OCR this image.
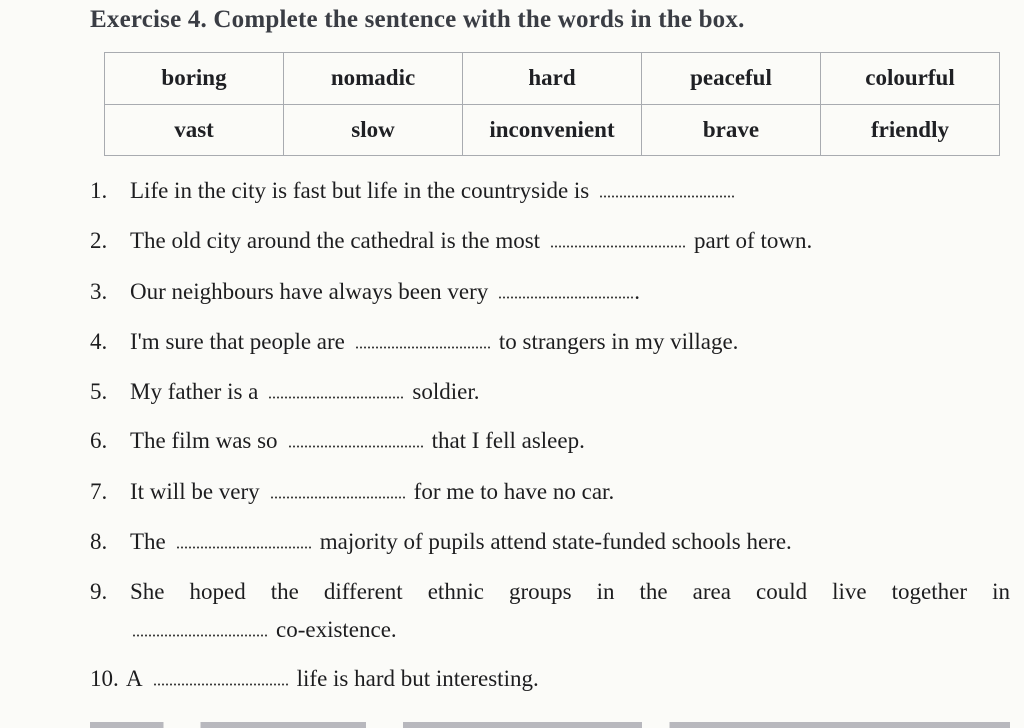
Exercise 4. Complete the sentence with the words in the box.
boring	nomadic	hard	peaceful	colourful
vast	slow	inconvenient	brave	friendly
1. Life in the city is fast but life in the countryside is
2. The old city around the cathedral is the most	part of town.
3. Our neighbours have always been very	.
4. I'm sure that people are	to strangers in my village.
5. My father is a	soldier.
6. The film was so	that I fell asleep.
7. It will be very	for me to have no car.
8. The	majority of pupils attend state-funded schools here.
9. She hoped the different ethnic groups in the area could live together in
co-existence.
10. A	life is hard but interesting.
